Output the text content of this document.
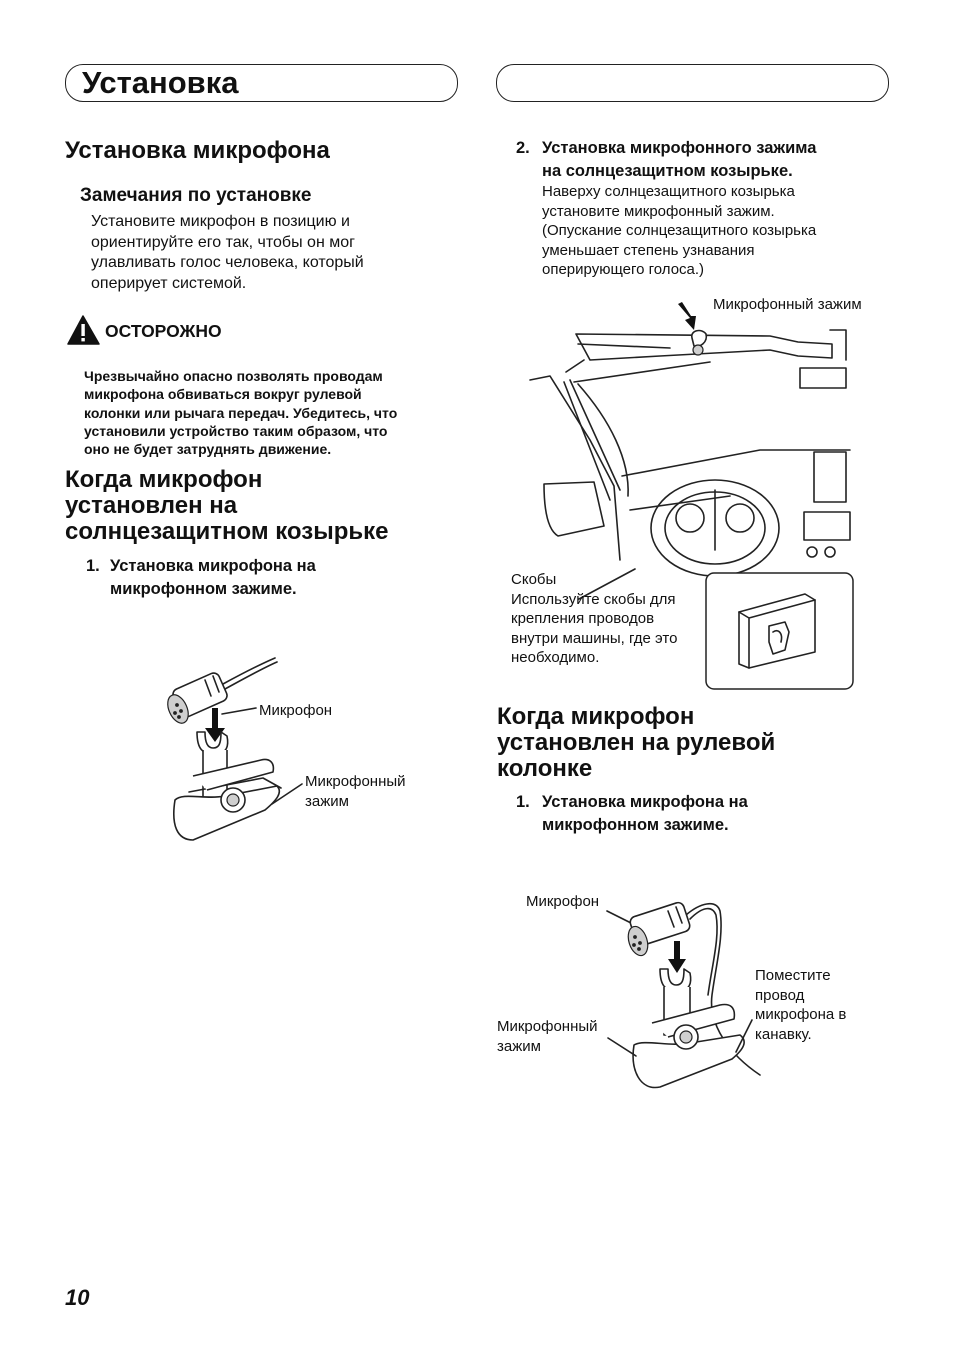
Установка
Установка микрофона
Замечания по установке
Установите микрофон в позицию и
ориентируйте его так, чтобы он мог
улавливать голос человека, который
оперирует системой.
ОСТОРОЖНО
Чрезвычайно опасно позволять проводам
микрофона обвиваться вокруг рулевой
колонки или рычага передач. Убедитесь, что
установили устройство таким образом, что
оно не будет затруднять движение.
Когда микрофон
установлен на
солнцезащитном козырьке
1. Установка микрофона на
микрофонном зажиме.
Микрофон
Микрофонный
зажим
2. Установка микрофонного зажима
на солнцезащитном козырьке.
Наверху солнцезащитного козырька
установите микрофонный зажим.
(Опускание солнцезащитного козырька
уменьшает степень узнавания
оперирующего голоса.)
Микрофонный зажим
Скобы
Используйте скобы для
крепления проводов
внутри машины, где это
необходимо.
Когда микрофон
установлен на рулевой
колонке
1. Установка микрофона на
микрофонном зажиме.
Микрофон
Микрофонный
зажим
Поместите
провод
микрофона в
канавку.
10
